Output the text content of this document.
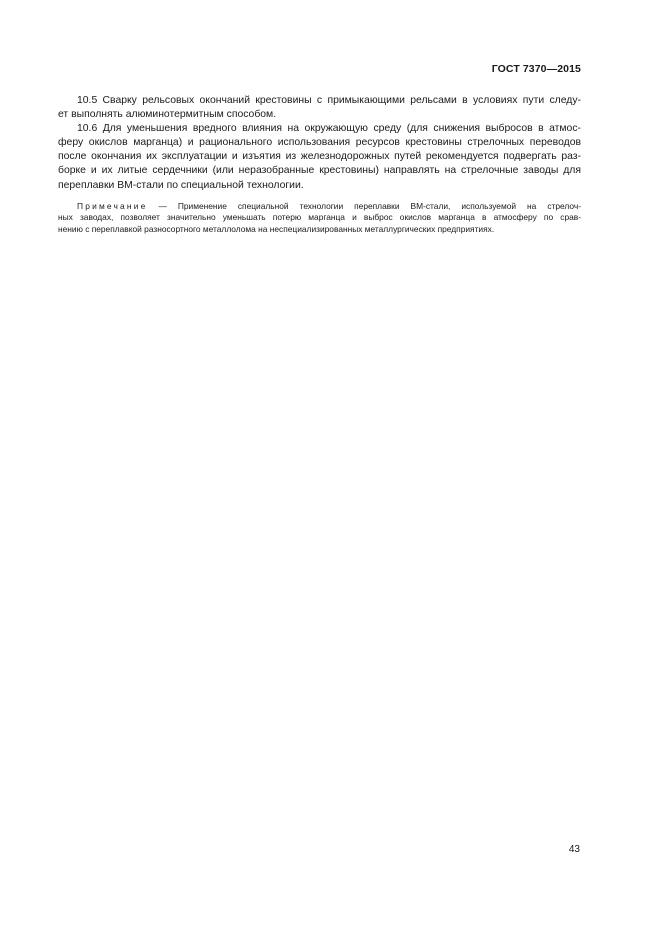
ГОСТ 7370—2015

10.5 Сварку рельсовых окончаний крестовины с примыкающими рельсами в условиях пути следу-
ет выполнять алюминотермитным способом.

10.6 Для уменьшения вредного влияния на окружающую среду (для снижения выбросов в атмос-
феру окислов марганца) и рационального использования ресурсов крестовины стрелочных переводов
после окончания их эксплуатации и изъятия из железнодорожных путей рекомендуется подвергать раз-
борке и их литые сердечники (или неразобранные крестовины) направлять на стрелочные заводы для
переплавки ВМ-стали по специальной технологии.

Примечание — Применение специальной технологии переплавки ВМ-стали, используемой на стрелоч-
ных заводах, позволяет значительно уменьшать потерю марганца и выброс окислов марганца в атмосферу по срав-
нению с переплавкой разносортного металлолома на неспециализированных металлургических предприятиях.
43
